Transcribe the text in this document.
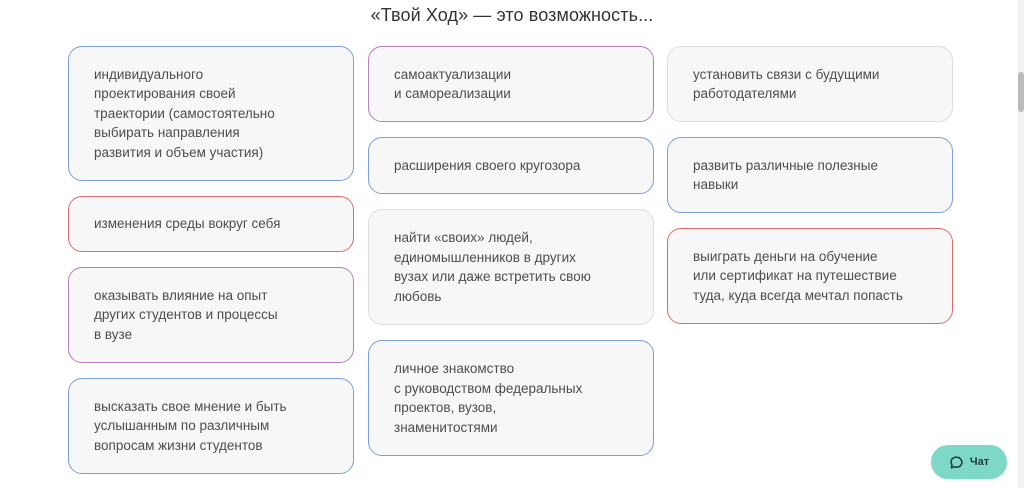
«Твой Ход» — это возможность...
индивидуального
проектирования своей
траектории (самостоятельно
выбирать направления
развития и объем участия)
изменения среды вокруг себя
оказывать влияние на опыт
других студентов и процессы
в вузе
высказать свое мнение и быть
услышанным по различным
вопросам жизни студентов
самоактуализации
и самореализации
расширения своего кругозора
найти «своих» людей,
единомышленников в других
вузах или даже встретить свою
любовь
личное знакомство
с руководством федеральных
проектов, вузов,
знаменитостями
установить связи с будущими
работодателями
развить различные полезные
навыки
выиграть деньги на обучение
или сертификат на путешествие
туда, куда всегда мечтал попасть
Чат
